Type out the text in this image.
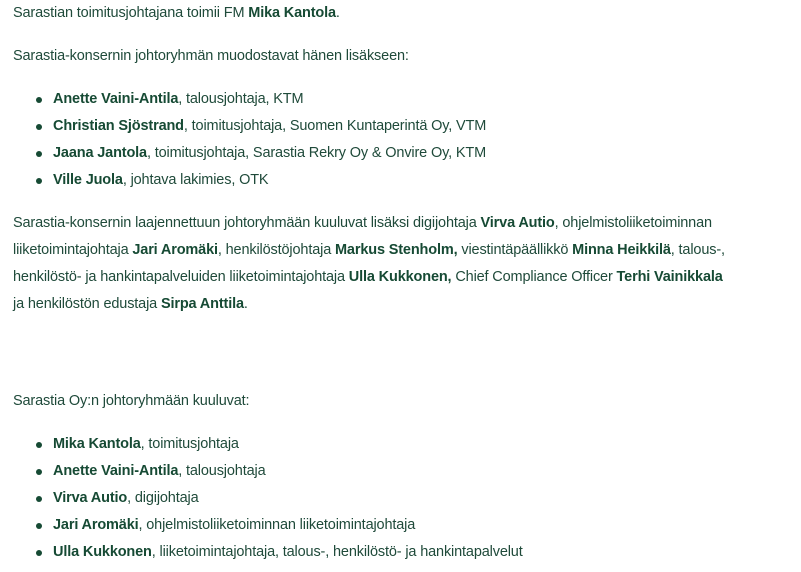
Sarastian toimitusjohtajana toimii FM Mika Kantola.

Sarastia-konsernin johtoryhmän muodostavat hänen lisäkseen:

Anette Vaini-Antila, talousjohtaja, KTM
Christian Sjöstrand, toimitusjohtaja, Suomen Kuntaperintä Oy, VTM
Jaana Jantola, toimitusjohtaja, Sarastia Rekry Oy & Onvire Oy, KTM
Ville Juola, johtava lakimies, OTK

Sarastia-konsernin laajennettuun johtoryhmään kuuluvat lisäksi digijohtaja Virva Autio, ohjelmistoliiketoiminnan liiketoimintajohtaja Jari Aromäki, henkilöstöjohtaja Markus Stenholm, viestintäpäällikkö Minna Heikkilä, talous-, henkilöstö- ja hankintapalveluiden liiketoimintajohtaja Ulla Kukkonen, Chief Compliance Officer Terhi Vainikkala ja henkilöstön edustaja Sirpa Anttila.

Sarastia Oy:n johtoryhmään kuuluvat:

Mika Kantola, toimitusjohtaja
Anette Vaini-Antila, talousjohtaja
Virva Autio, digijohtaja
Jari Aromäki, ohjelmistoliiketoiminnan liiketoimintajohtaja
Ulla Kukkonen, liiketoimintajohtaja, talous-, henkilöstö- ja hankintapalvelut
